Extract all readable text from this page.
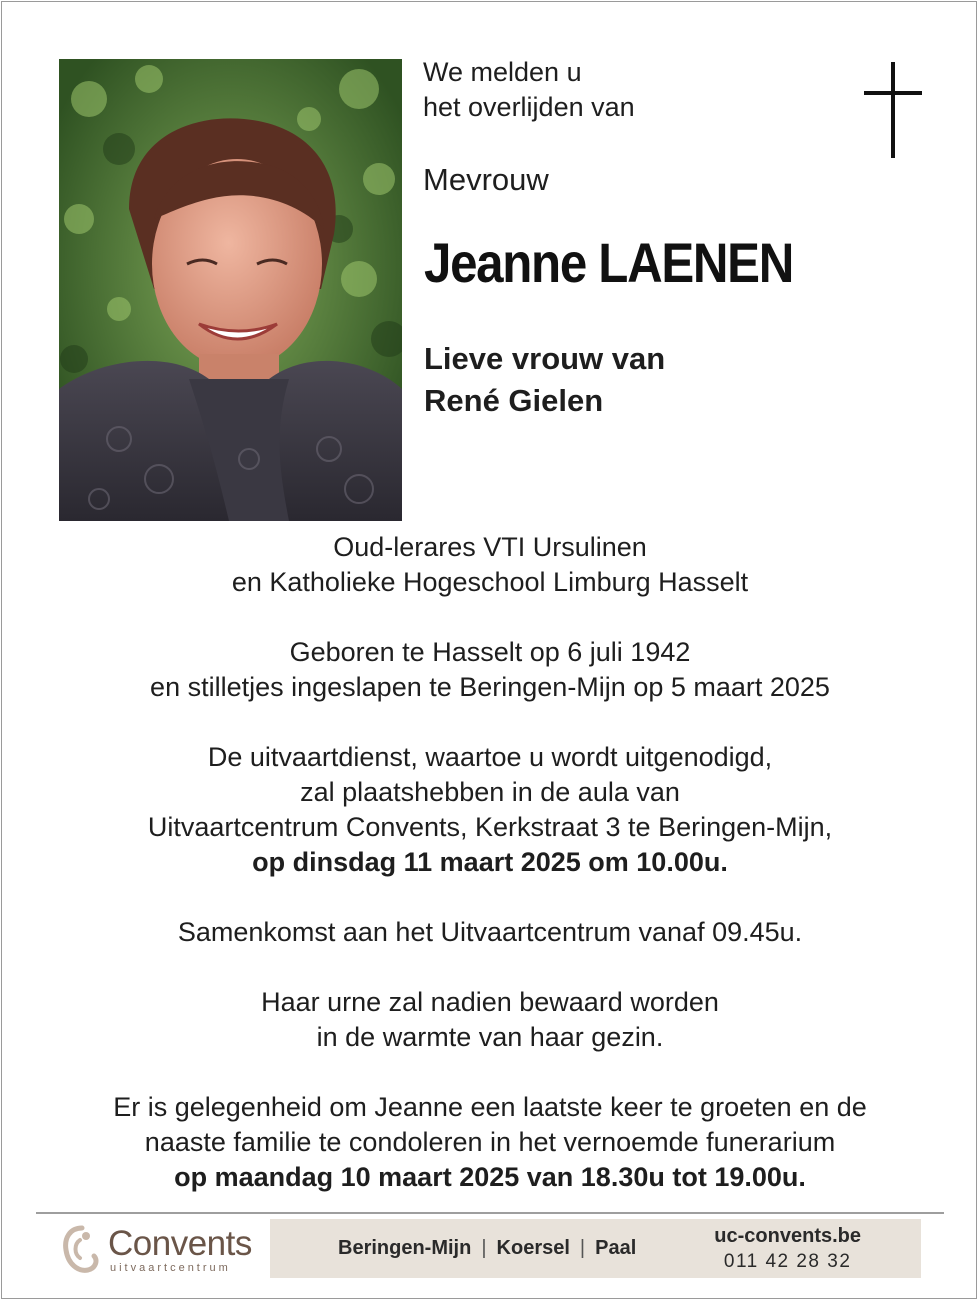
We melden u
het overlijden van
Mevrouw
Jeanne LAENEN
Lieve vrouw van
René Gielen

Oud-lerares VTI Ursulinen
en Katholieke Hogeschool Limburg Hasselt

Geboren te Hasselt op 6 juli 1942
en stilletjes ingeslapen te Beringen-Mijn op 5 maart 2025

De uitvaartdienst, waartoe u wordt uitgenodigd,
zal plaatshebben in de aula van
Uitvaartcentrum Convents, Kerkstraat 3 te Beringen-Mijn,
op dinsdag 11 maart 2025 om 10.00u.

Samenkomst aan het Uitvaartcentrum vanaf 09.45u.

Haar urne zal nadien bewaard worden
in de warmte van haar gezin.

Er is gelegenheid om Jeanne een laatste keer te groeten en de
naaste familie te condoleren in het vernoemde funerarium
op maandag 10 maart 2025 van 18.30u tot 19.00u.

Convents
uitvaartcentrum
Beringen-Mijn | Koersel | Paal
uc-convents.be
011 42 28 32
